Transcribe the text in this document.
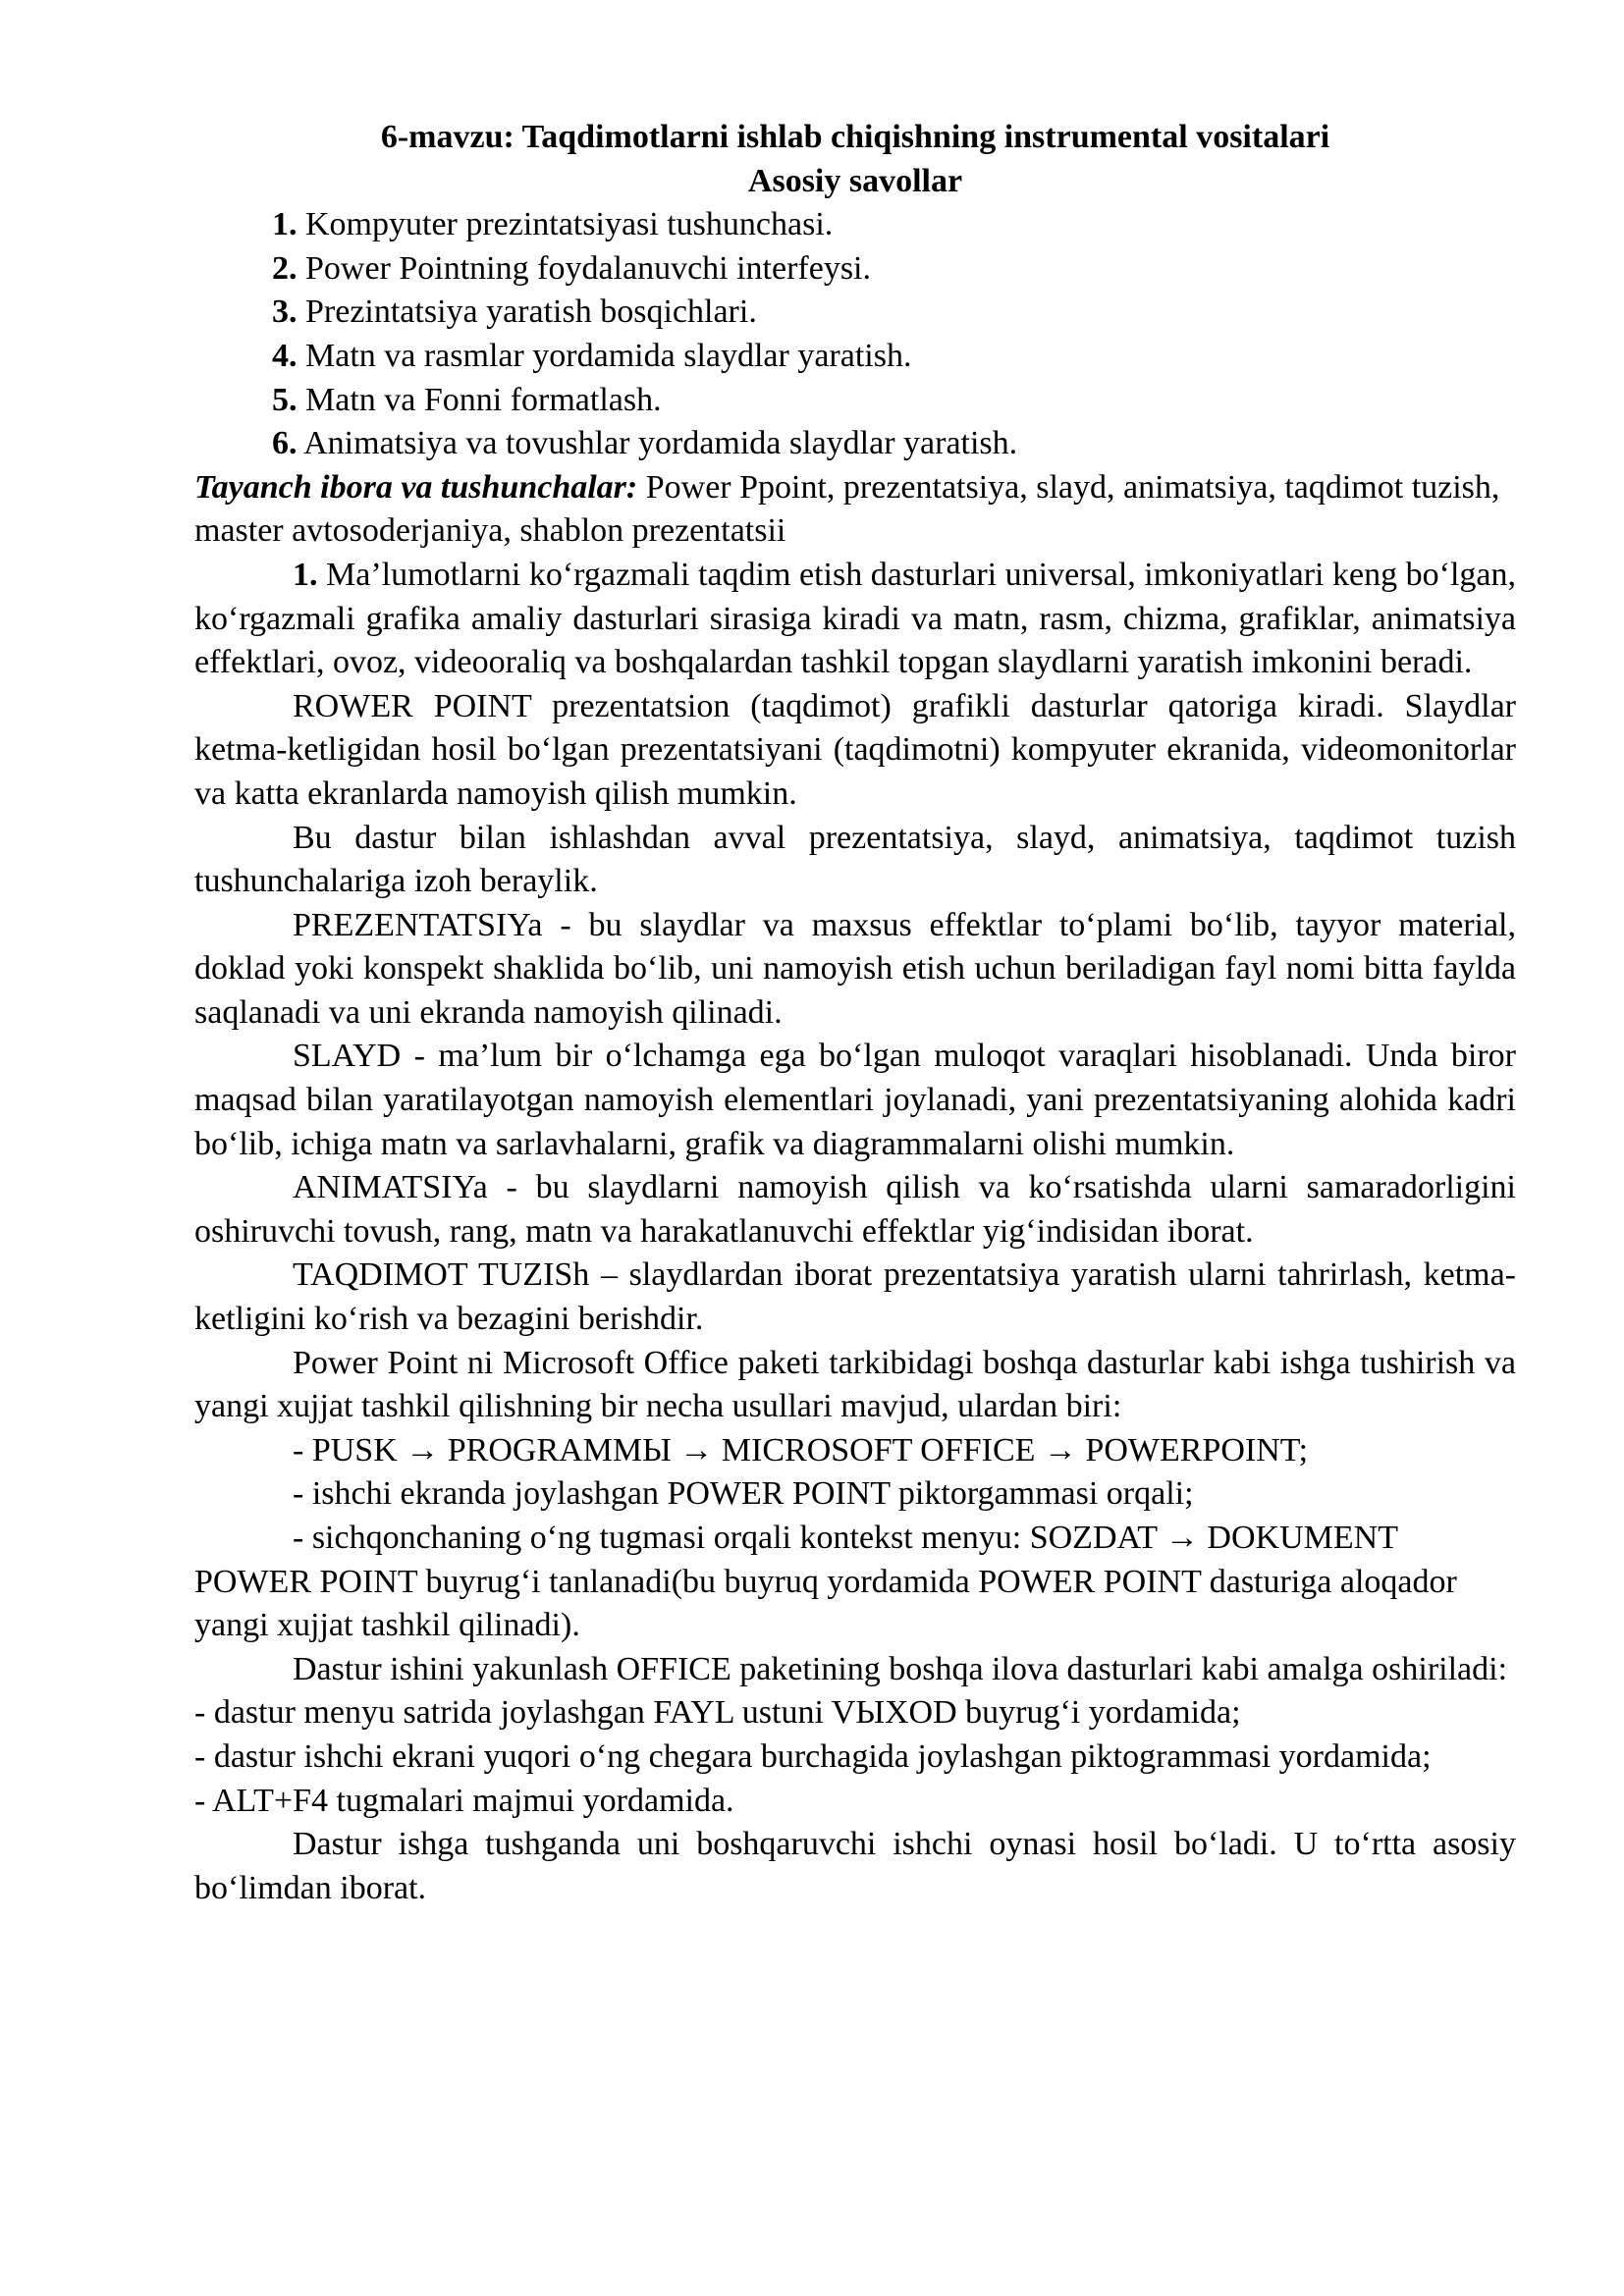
6-mavzu: Taqdimotlarni ishlab chiqishning instrumental vositalari

Asosiy savollar

1. Kompyuter prezintatsiyasi tushunchasi.

2. Power Pointning foydalanuvchi interfeysi.

3. Prezintatsiya yaratish bosqichlari.

4. Matn va rasmlar yordamida slaydlar yaratish.

5. Matn va Fonni formatlash.

6. Animatsiya va tovushlar yordamida slaydlar yaratish.

Tayanch ibora va tushunchalar: Power Ppoint, prezentatsiya, slayd, animatsiya, taqdimot tuzish, master avtosoderjaniya, shablon prezentatsii

1. Ma’lumotlarni ko‘rgazmali taqdim etish dasturlari universal, imkoniyatlari keng bo‘lgan, ko‘rgazmali grafika amaliy dasturlari sirasiga kiradi va matn, rasm, chizma, grafiklar, animatsiya effektlari, ovoz, videooraliq va boshqalardan tashkil topgan slaydlarni yaratish imkonini beradi.

ROWER POINT prezentatsion (taqdimot) grafikli dasturlar qatoriga kiradi. Slaydlar ketma-ketligidan hosil bo‘lgan prezentatsiyani (taqdimotni) kompyuter ekranida, videomonitorlar va katta ekranlarda namoyish qilish mumkin.

Bu dastur bilan ishlashdan avval prezentatsiya, slayd, animatsiya, taqdimot tuzish tushunchalariga izoh beraylik.

PREZENTATSIYa - bu slaydlar va maxsus effektlar to‘plami bo‘lib, tayyor material, doklad yoki konspekt shaklida bo‘lib, uni namoyish etish uchun beriladigan fayl nomi bitta faylda saqlanadi va uni ekranda namoyish qilinadi.

SLAYD - ma’lum bir o‘lchamga ega bo‘lgan muloqot varaqlari hisoblanadi. Unda biror maqsad bilan yaratilayotgan namoyish elementlari joylanadi, yani prezentatsiyaning alohida kadri bo‘lib, ichiga matn va sarlavhalarni, grafik va diagrammalarni olishi mumkin.

ANIMATSIYa - bu slaydlarni namoyish qilish va ko‘rsatishda ularni samaradorligini oshiruvchi tovush, rang, matn va harakatlanuvchi effektlar yig‘indisidan iborat.

TAQDIMOT TUZISh – slaydlardan iborat prezentatsiya yaratish ularni tahrirlash, ketma-ketligini ko‘rish va bezagini berishdir.

Power Point ni Microsoft Office paketi tarkibidagi boshqa dasturlar kabi ishga tushirish va yangi xujjat tashkil qilishning bir necha usullari mavjud, ulardan biri:

- PUSK → PROGRAMMЫ → MICROSOFT OFFICE → POWERPOINT;

- ishchi ekranda joylashgan POWER POINT piktorgammasi orqali;

- sichqonchaning o‘ng tugmasi orqali kontekst menyu: SOZDAT → DOKUMENT POWER POINT buyrug‘i tanlanadi(bu buyruq yordamida POWER POINT dasturiga aloqador yangi xujjat tashkil qilinadi).

Dastur ishini yakunlash OFFICE paketining boshqa ilova dasturlari kabi amalga oshiriladi:

- dastur menyu satrida joylashgan FAYL ustuni VЫXOD buyrug‘i yordamida;

- dastur ishchi ekrani yuqori o‘ng chegara burchagida joylashgan piktogrammasi yordamida;

- ALT+F4 tugmalari majmui yordamida.

Dastur ishga tushganda uni boshqaruvchi ishchi oynasi hosil bo‘ladi. U to‘rtta asosiy bo‘limdan iborat.
